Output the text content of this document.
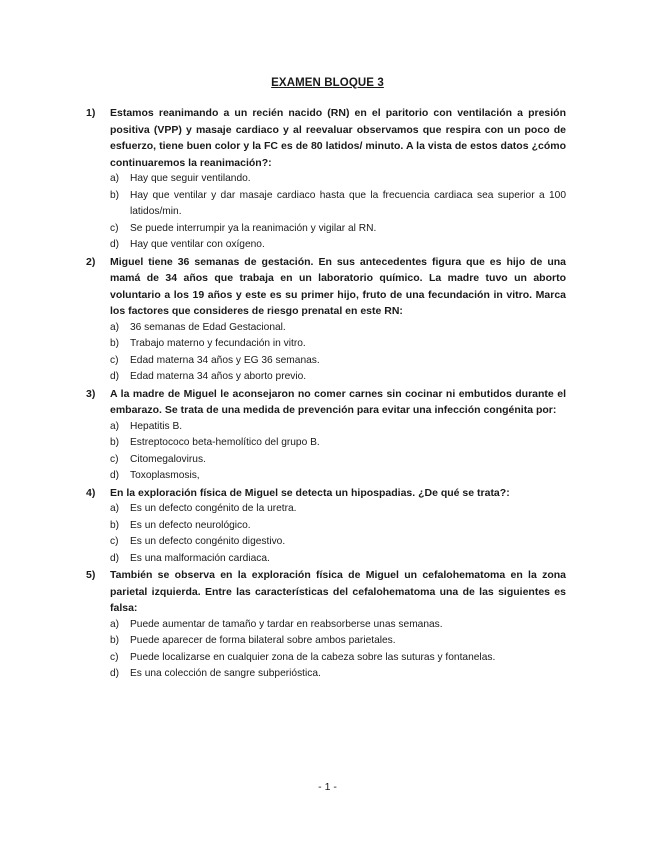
EXAMEN BLOQUE 3
1) Estamos reanimando a un recién nacido (RN) en el paritorio con ventilación a presión positiva (VPP) y masaje cardiaco y al reevaluar observamos que respira con un poco de esfuerzo, tiene buen color y la FC es de 80 latidos/ minuto. A la vista de estos datos ¿cómo continuaremos la reanimación?:

a) Hay que seguir ventilando.
b) Hay que ventilar y dar masaje cardiaco hasta que la frecuencia cardiaca sea superior a 100 latidos/min.
c) Se puede interrumpir ya la reanimación y vigilar al RN.
d) Hay que ventilar con oxígeno.
2) Miguel tiene 36 semanas de gestación. En sus antecedentes figura que es hijo de una mamá de 34 años que trabaja en un laboratorio químico. La madre tuvo un aborto voluntario a los 19 años y este es su primer hijo, fruto de una fecundación in vitro. Marca los factores que consideres de riesgo prenatal en este RN:

a) 36 semanas de Edad Gestacional.
b) Trabajo materno y fecundación in vitro.
c) Edad materna 34 años y EG 36 semanas.
d) Edad materna 34 años y aborto previo.
3) A la madre de Miguel le aconsejaron no comer carnes sin cocinar ni embutidos durante el embarazo. Se trata de una medida de prevención para evitar una infección congénita por:

a) Hepatitis B.
b) Estreptococo beta-hemolítico del grupo B.
c) Citomegalovirus.
d) Toxoplasmosis,
4) En la exploración física de Miguel se detecta un hipospadias. ¿De qué se trata?:

a) Es un defecto congénito de la uretra.
b) Es un defecto neurológico.
c) Es un defecto congénito digestivo.
d) Es una malformación cardiaca.
5) También se observa en la exploración física de Miguel un cefalohematoma en la zona parietal izquierda. Entre las características del cefalohematoma una de las siguientes es falsa:

a) Puede aumentar de tamaño y tardar en reabsorberse unas semanas.
b) Puede aparecer de forma bilateral sobre ambos parietales.
c) Puede localizarse en cualquier zona de la cabeza sobre las suturas y fontanelas.
d) Es una colección de sangre subperióstica.
- 1 -
